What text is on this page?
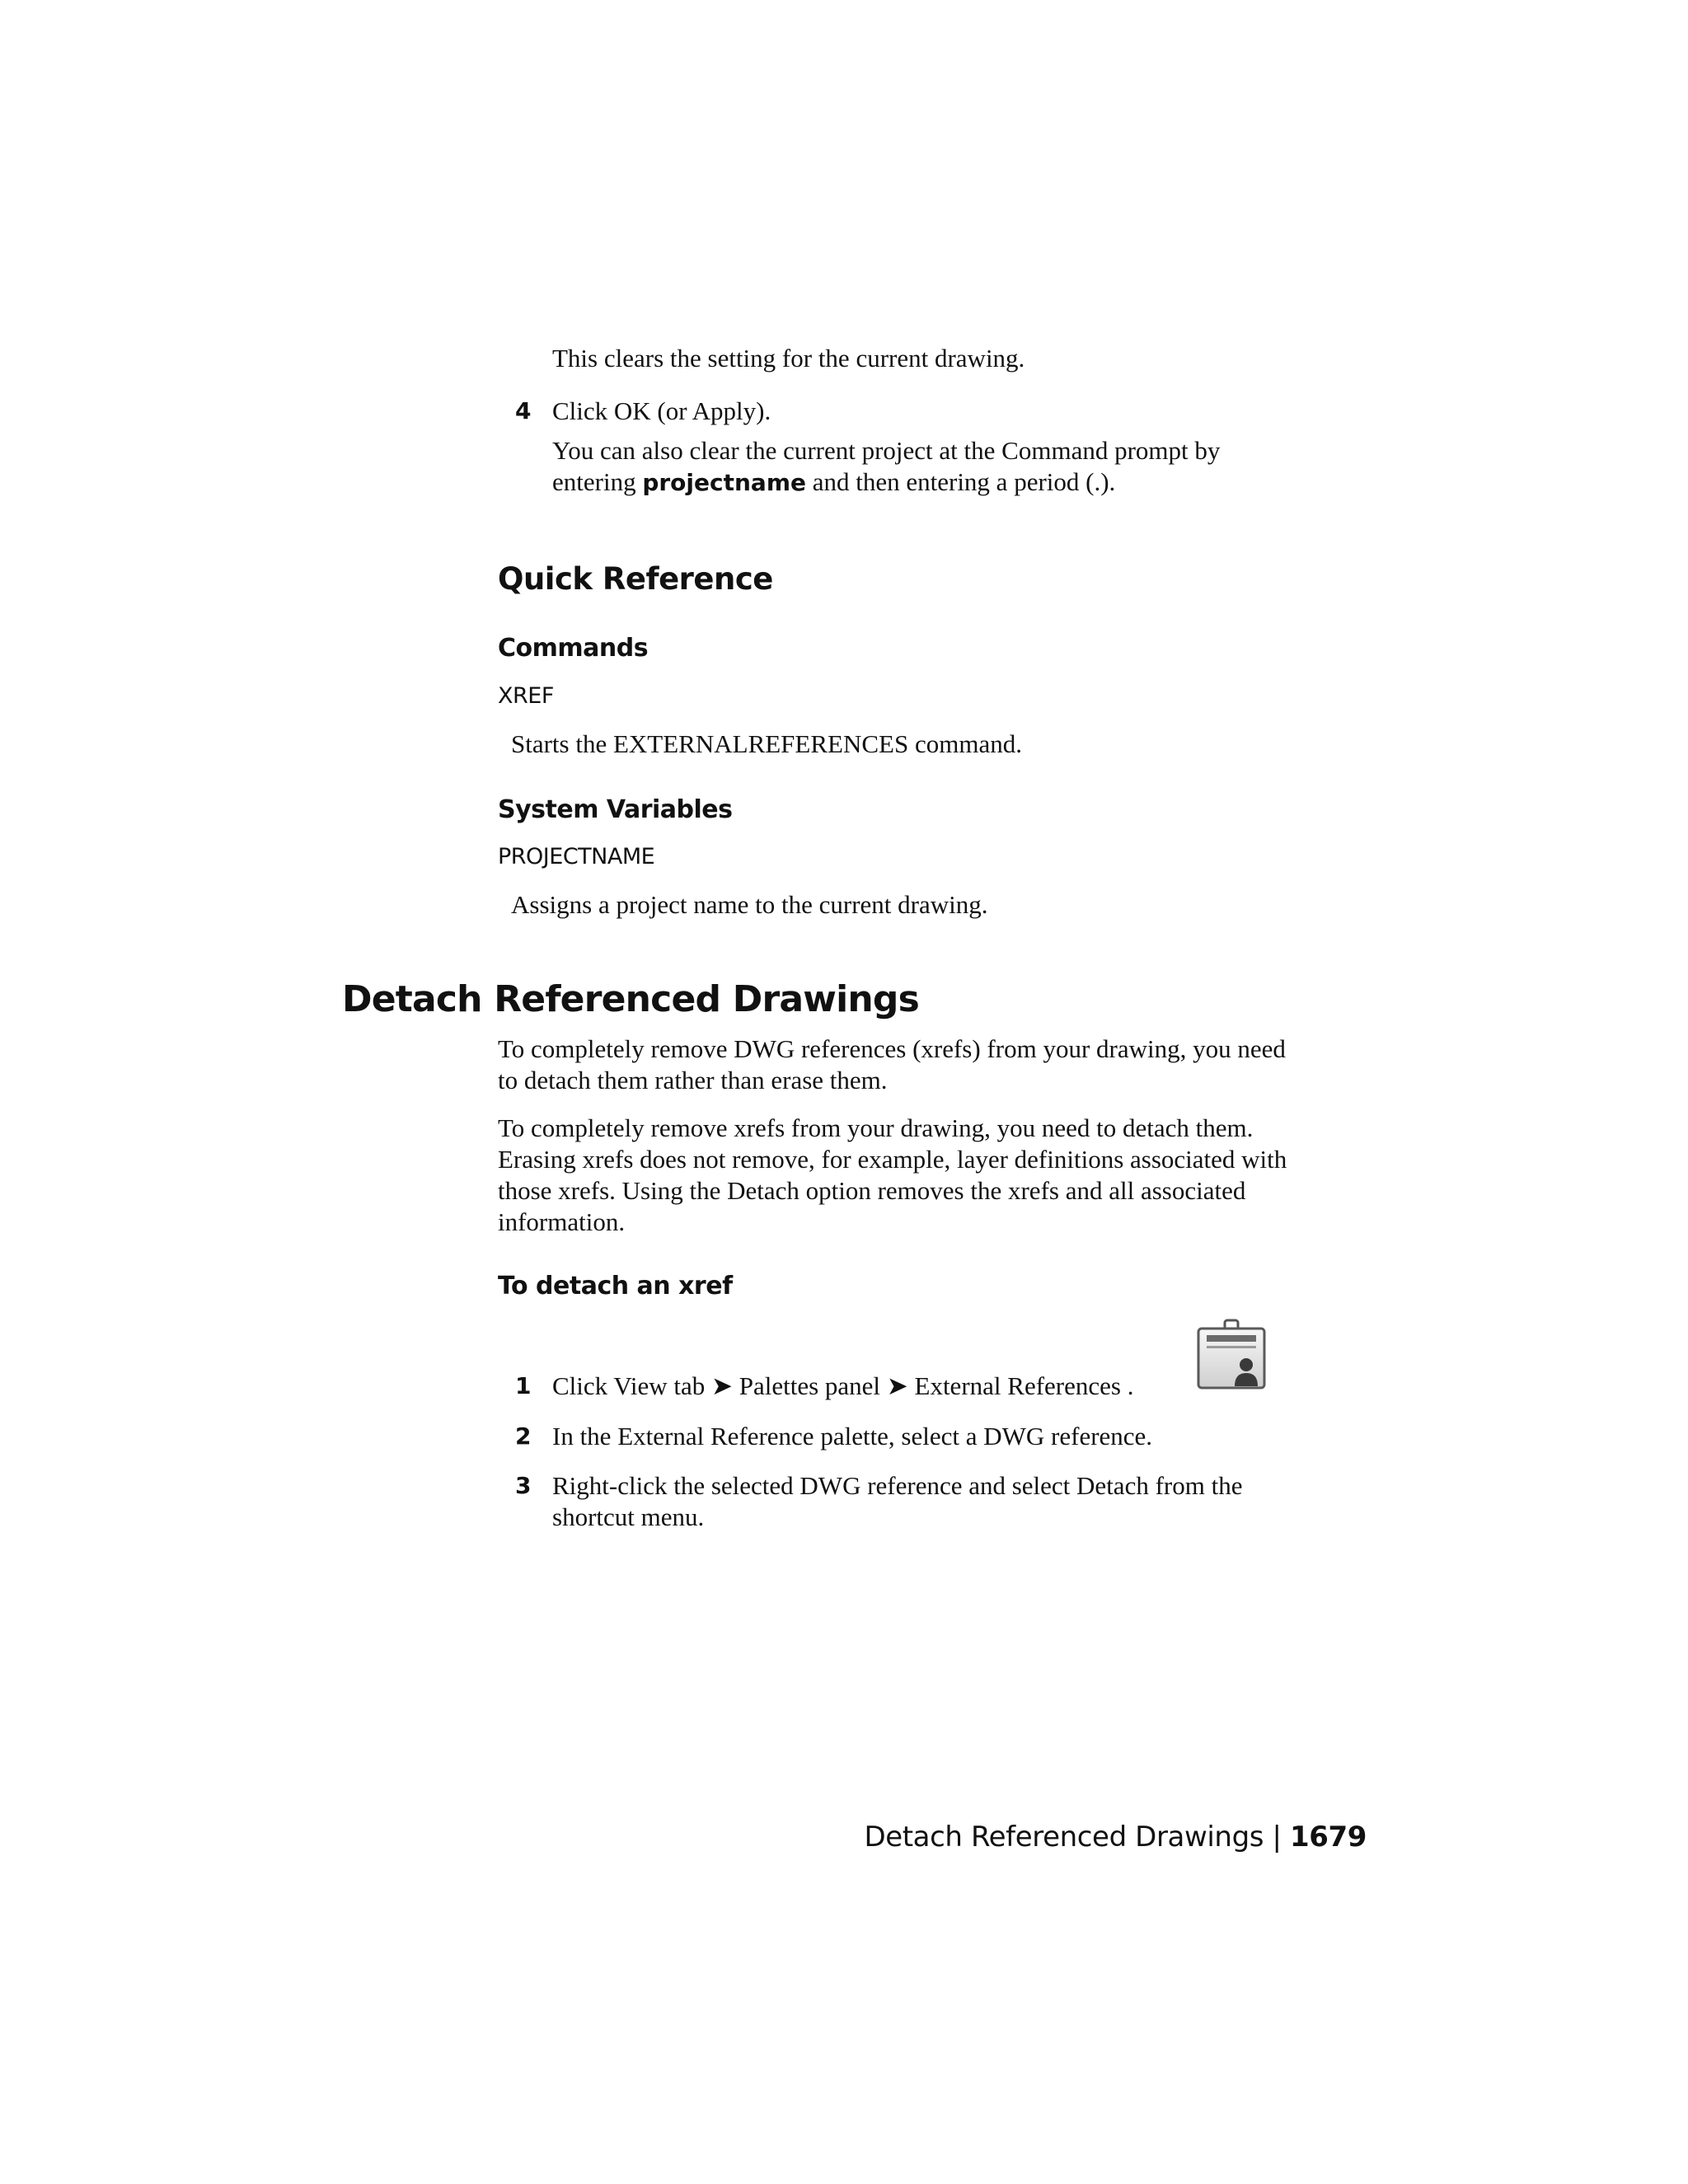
This clears the setting for the current drawing.
4 Click OK (or Apply).
You can also clear the current project at the Command prompt by
entering projectname and then entering a period (.).
Quick Reference
Commands
XREF
Starts the EXTERNALREFERENCES command.
System Variables
PROJECTNAME
Assigns a project name to the current drawing.
Detach Referenced Drawings
To completely remove DWG references (xrefs) from your drawing, you need
to detach them rather than erase them.
To completely remove xrefs from your drawing, you need to detach them.
Erasing xrefs does not remove, for example, layer definitions associated with
those xrefs. Using the Detach option removes the xrefs and all associated
information.
To detach an xref
1 Click View tab ➤ Palettes panel ➤ External References .
2 In the External Reference palette, select a DWG reference.
3 Right-click the selected DWG reference and select Detach from the
shortcut menu.
Detach Referenced Drawings | 1679
